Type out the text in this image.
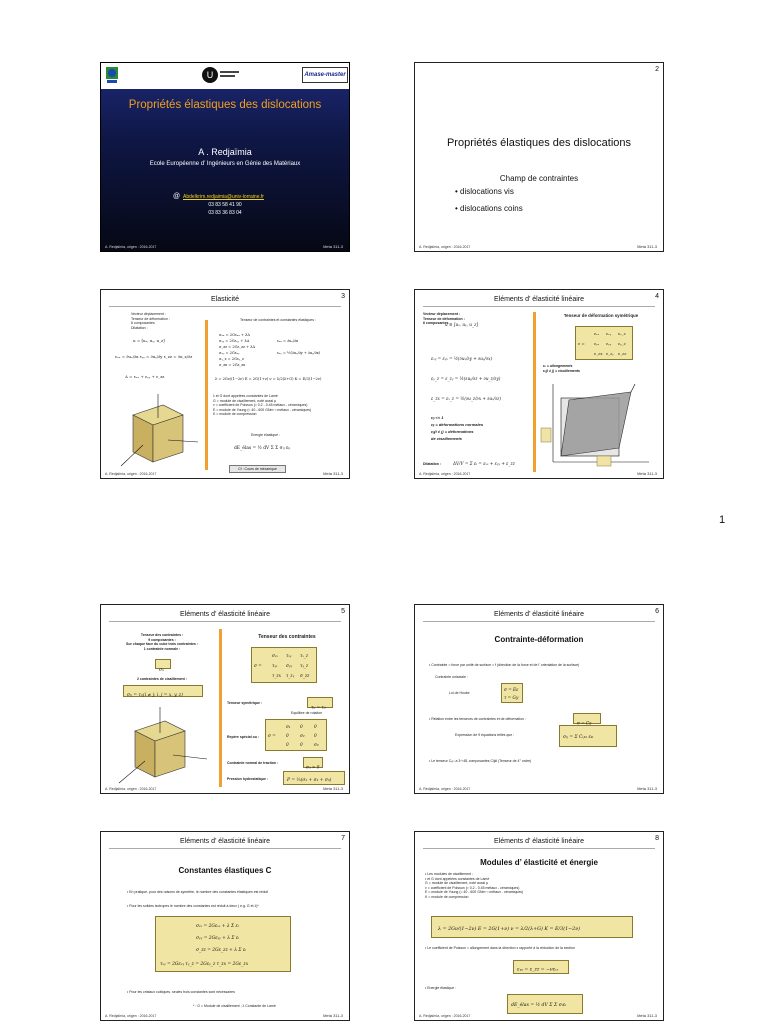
1
U	Amase-master
Propriétés élastiques des dislocations
A . Redjaïmia
Ecole Européenne d’ Ingénieurs en Génie des Matériaux
@ Abdelkrim.redjaimia@univ-lorraine.fr
03 83 58 41 90
03 83 36 83 04
A. Redjaïmia, origen : 2016-2017	Meta 311-3
2
Propriétés élastiques des dislocations
Champ de contraintes
• dislocations vis
• dislocations coins
A. Redjaïmia, origen : 2016-2017	Meta 311-3
3
Elasticité
Vecteur déplacement :
Tenseur de déformation :
6 composantes
Dilatation :
u = [uₓ, uᵧ, u_z]
εₓₓ = ∂uₓ/∂x εᵧᵧ = ∂uᵧ/∂y ε_zz = ∂u_z/∂z
Δ = εₓₓ + εᵧᵧ + ε_zz
Tenseur de contraintes et constantes élastiques :
σₓₓ = 2Gεₓₓ + λΔ
σᵧᵧ = 2Gεᵧᵧ + λΔ
σ_zz = 2Gε_zz + λΔ
σₓᵧ = 2Gεₓᵧ
σᵧ_z = 2Gεᵧ_z
σ_zx = 2Gε_zx
εₓₓ = ∂uₓ/∂x
εₓᵧ = ½(∂uₓ/∂y + ∂uᵧ/∂x)
λ = 2Gν/(1−2ν) E = 2G(1+ν) ν = λ/2(λ+G) K = E/3(1−2ν)
λ et G dont appelées constantes de Lamé
G = module de cisaillement, noté aussi μ
ν = coefficient de Poisson (≈ 0.2 - 0.45 métaux - céramiques)
E = module de Young (≈ 40 - 600 GNm⁻² métaux - céramiques)
K = module de compression
Energie élastique :
dE_élas = ½ dV Σ Σ σᵢⱼ εᵢⱼ
Cf : Cours de mécanique
A. Redjaïmia, origen : 2016-2017	Meta 311-3
4
Eléments d’ élasticité linéaire
Vecteur déplacement :
Tenseur de déformation :
6 composantes
u ≡ [uₓ, uᵧ, u_z]
εₓᵧ = εᵧₓ = ½(∂uₓ/∂y + ∂uᵧ/∂x)
εᵧ_z = ε_zᵧ = ½(∂uᵧ/∂z + ∂u_z/∂y)
ε_zx = εₓ_z = ½(∂u_z/∂x + ∂uₓ/∂z)
εᵢⱼ << 1
εᵢᵢ = déformations normales
εᵢⱼ(i ≠ j) = déformations
de cisaillements
Dilatation :	ΔV/V = Σ εᵢ = εₓₓ + εᵧᵧ + ε_zz
Tenseur de déformation symétrique
ε =
εₓₓ εₓᵧ εₓ_z
εᵧₓ εᵧᵧ εᵧ_z
ε_zx ε_zᵧ ε_zz
εᵢᵢ = allongements
εᵢⱼ(i ≠ j) = cisaillements
A. Redjaïmia, origen : 2016-2017	Meta 311-3
5
Eléments d’ élasticité linéaire
Tenseur des contraintes :
9 composantes :
Sur chaque face du cube trois contraintes :
1 contrainte normale :
σᵢᵢ
2 contraintes de cisaillement :
σᵢⱼ = τᵢⱼ(i ≠ j; i, j = x, y, z)
Tenseur des contraintes
σ =
σₓₓ τₓᵧ τₓ_z
τᵧₓ σᵧᵧ τᵧ_z
τ_zx τ_zᵧ σ_zz
Tenseur symétrique :
τᵢⱼ = τⱼᵢ
Equilibre de rotation
Repère spécial ou : σ =
σ₁ 0	0
0	σ₂ 0
0	0	σ₃
Contrainte normal de traction :
σᵢᵢ > 0
Pression hydrostatique :	P = ⅓(σ₁ + σ₂ + σ₃)
A. Redjaïmia, origen : 2016-2017	Meta 311-3
6
Eléments d’ élasticité linéaire
Contrainte-déformation
• Contrainte = force par unité de surface = f (direction de la force et de l’ orientation de la surface)
Contrainte uniaxiale :
Loi de Hooke
σ = Eε
τ = Gγ
• Relation entre les tenseurs de contraintes et de déformation :
σ = Cε
Expression de 9 équations telles que :	σᵢⱼ = Σ Cᵢⱼₖₗ εₖₗ
• Le tenseur Cᵢⱼₖₗ a 3⁴=81 composantes Cijkl (Tenseur de 4° ordre)
A. Redjaïmia, origen : 2016-2017	Meta 311-3
7
Eléments d’ élasticité linéaire
Constantes élastiques C
• En pratique, pour des raisons de symétrie, le nombre des constantes élastiques est réduit
• Pour les solides isotropes le nombre des constantes est réduit à deux ( e.g. G et λ)*
σₓₓ = 2Gεₓₓ + λ Σ εᵢ
σᵧᵧ = 2Gεᵧᵧ + λ Σ εᵢ
σ_zz = 2Gε_zz + λ Σ εᵢ
τₓᵧ = 2Gεₓᵧ τᵧ_z = 2Gεᵧ_z τ_zx = 2Gε_zx
• Pour les cristaux cubiques, seules trois constantes sont nécessaires
* : G = Module de cisaillement ; λ Constante de Lamé
A. Redjaïmia, origen : 2016-2017	Meta 311-3
8
Eléments d’ élasticité linéaire
Modules d’ élasticité et énergie
• Les modules de cisaillement :
• et G dont appelées constantes de Lamé
G = module de cisaillement, noté aussi μ
ν = coefficient de Poisson (≈ 0.2 - 0.45 métaux - céramiques)
E = module de Young (≈ 40 - 600 GNm⁻² métaux - céramiques)
K = module de compression
λ = 2Gν/(1−2ν) E = 2G(1+ν) ν = λ/2(λ+G) K = E/3(1−2ν)
• Le coefficient de Poisson = allongement dans la direction x rapporté à la réduction de la section
εᵧᵧ = ε_zz = −νεₓₓ
• Energie élastique :
dE_élas = ½ dV Σ Σ σᵢεᵢ
A. Redjaïmia, origen : 2016-2017	Meta 311-3
